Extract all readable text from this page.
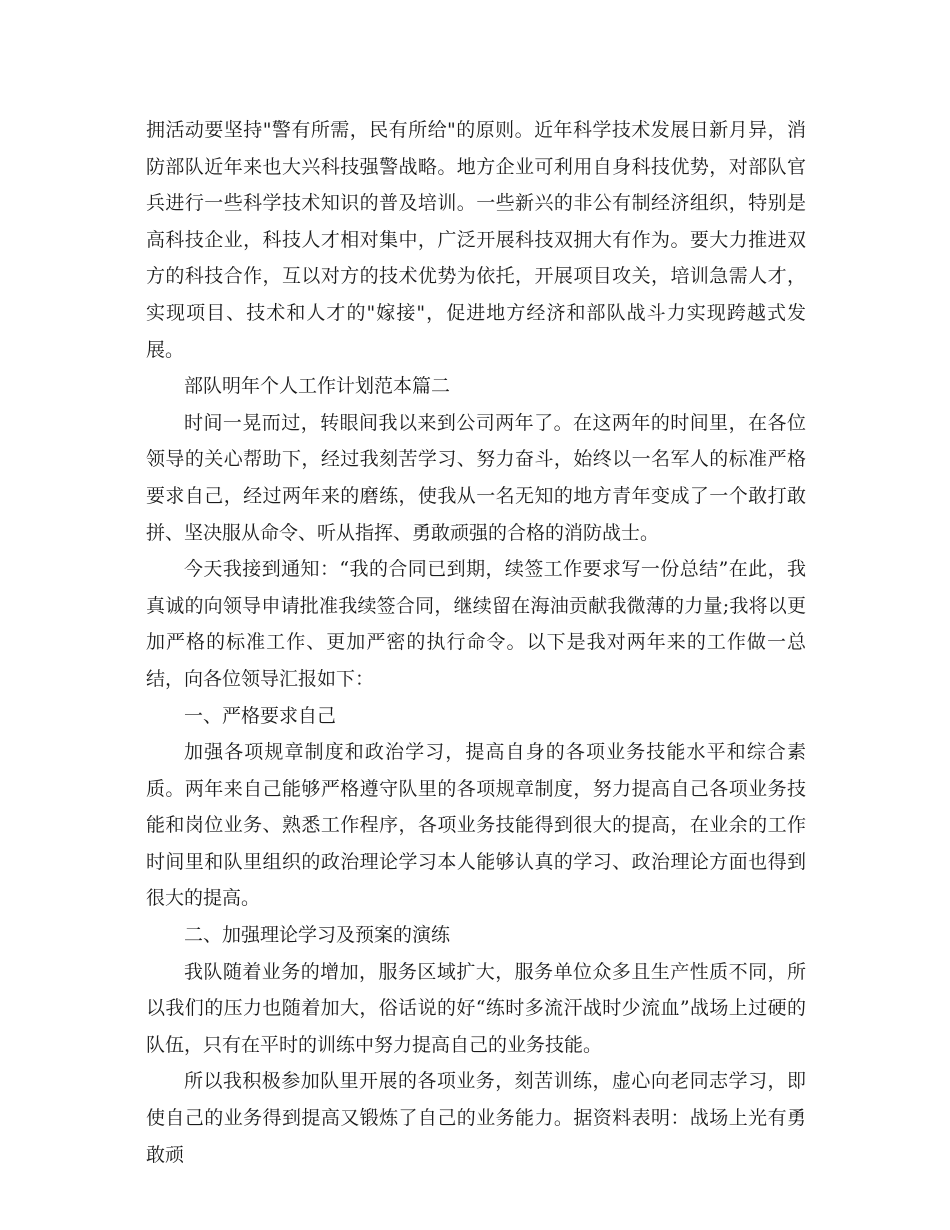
拥活动要坚持"警有所需，民有所给"的原则。近年科学技术发展日新月异，消防部队近年来也大兴科技强警战略。地方企业可利用自身科技优势，对部队官兵进行一些科学技术知识的普及培训。一些新兴的非公有制经济组织，特别是高科技企业，科技人才相对集中，广泛开展科技双拥大有作为。要大力推进双方的科技合作，互以对方的技术优势为依托，开展项目攻关，培训急需人才，实现项目、技术和人才的"嫁接"，促进地方经济和部队战斗力实现跨越式发展。

部队明年个人工作计划范本篇二

时间一晃而过，转眼间我以来到公司两年了。在这两年的时间里，在各位领导的关心帮助下，经过我刻苦学习、努力奋斗，始终以一名军人的标准严格要求自己，经过两年来的磨练，使我从一名无知的地方青年变成了一个敢打敢拼、坚决服从命令、听从指挥、勇敢顽强的合格的消防战士。

今天我接到通知：“我的合同已到期，续签工作要求写一份总结”在此，我真诚的向领导申请批准我续签合同，继续留在海油贡献我微薄的力量;我将以更加严格的标准工作、更加严密的执行命令。以下是我对两年来的工作做一总结，向各位领导汇报如下：

一、严格要求自己

加强各项规章制度和政治学习，提高自身的各项业务技能水平和综合素质。两年来自己能够严格遵守队里的各项规章制度，努力提高自己各项业务技能和岗位业务、熟悉工作程序，各项业务技能得到很大的提高，在业余的工作时间里和队里组织的政治理论学习本人能够认真的学习、政治理论方面也得到很大的提高。

二、加强理论学习及预案的演练

我队随着业务的增加，服务区域扩大，服务单位众多且生产性质不同，所以我们的压力也随着加大，俗话说的好“练时多流汗战时少流血”战场上过硬的队伍，只有在平时的训练中努力提高自己的业务技能。

所以我积极参加队里开展的各项业务，刻苦训练，虚心向老同志学习，即使自己的业务得到提高又锻炼了自己的业务能力。据资料表明：战场上光有勇敢顽
